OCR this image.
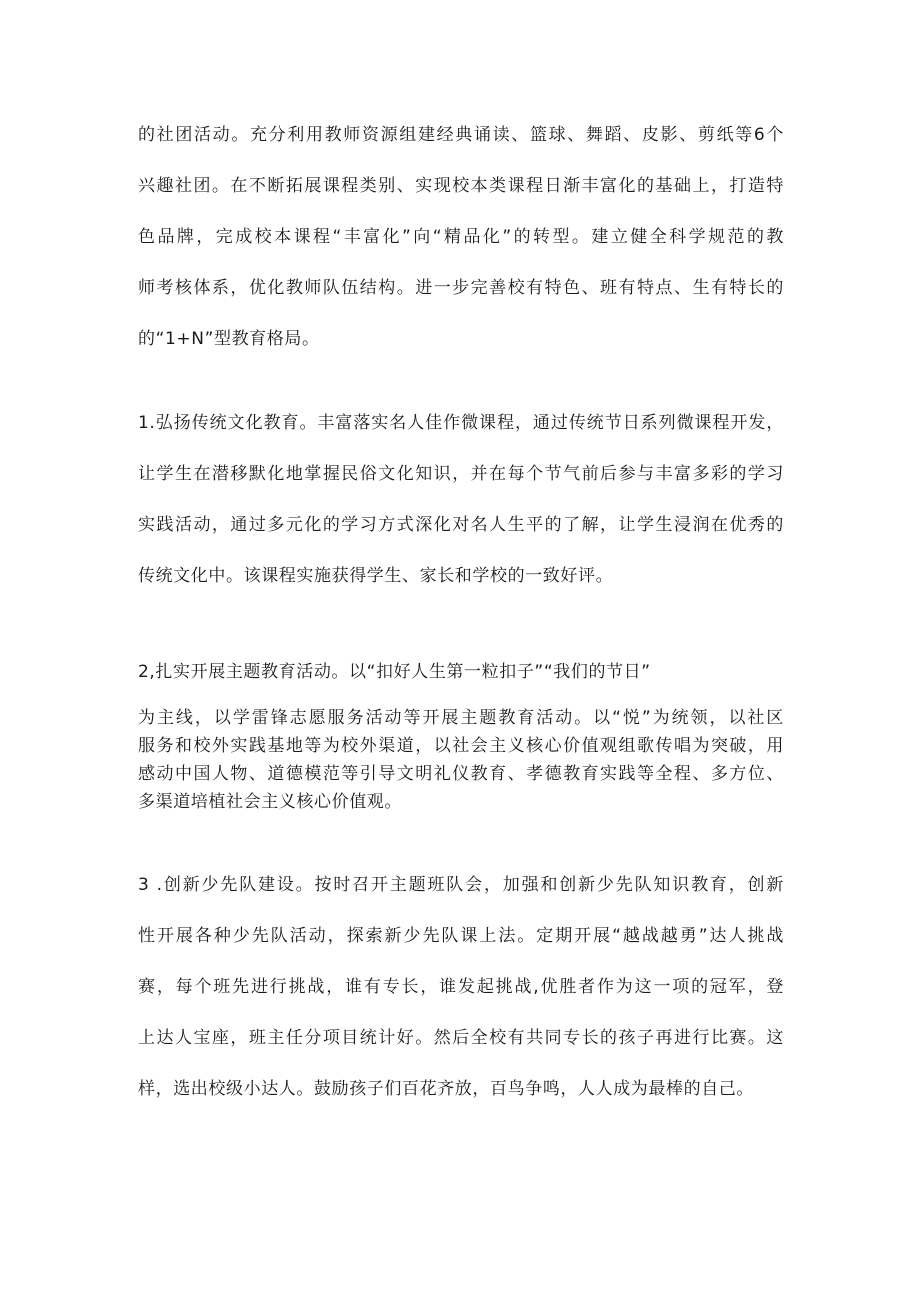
的社团活动。充分利用教师资源组建经典诵读、篮球、舞蹈、皮影、剪纸等6个
兴趣社团。在不断拓展课程类别、实现校本类课程日渐丰富化的基础上，打造特
色品牌，完成校本课程“丰富化”向“精品化”的转型。建立健全科学规范的教
师考核体系，优化教师队伍结构。进一步完善校有特色、班有特点、生有特长的
的“1+N”型教育格局。
1.弘扬传统文化教育。丰富落实名人佳作微课程，通过传统节日系列微课程开发，
让学生在潜移默化地掌握民俗文化知识，并在每个节气前后参与丰富多彩的学习
实践活动，通过多元化的学习方式深化对名人生平的了解，让学生浸润在优秀的
传统文化中。该课程实施获得学生、家长和学校的一致好评。
2,扎实开展主题教育活动。以“扣好人生第一粒扣子”“我们的节日”
为主线，以学雷锋志愿服务活动等开展主题教育活动。以“悦”为统领，以社区
服务和校外实践基地等为校外渠道，以社会主义核心价值观组歌传唱为突破，用
感动中国人物、道德模范等引导文明礼仪教育、孝德教育实践等全程、多方位、
多渠道培植社会主义核心价值观。
3 .创新少先队建设。按时召开主题班队会，加强和创新少先队知识教育，创新
性开展各种少先队活动，探索新少先队课上法。定期开展“越战越勇”达人挑战
赛，每个班先进行挑战，谁有专长，谁发起挑战,优胜者作为这一项的冠军，登
上达人宝座，班主任分项目统计好。然后全校有共同专长的孩子再进行比赛。这
样，选出校级小达人。鼓励孩子们百花齐放，百鸟争鸣，人人成为最棒的自己。
